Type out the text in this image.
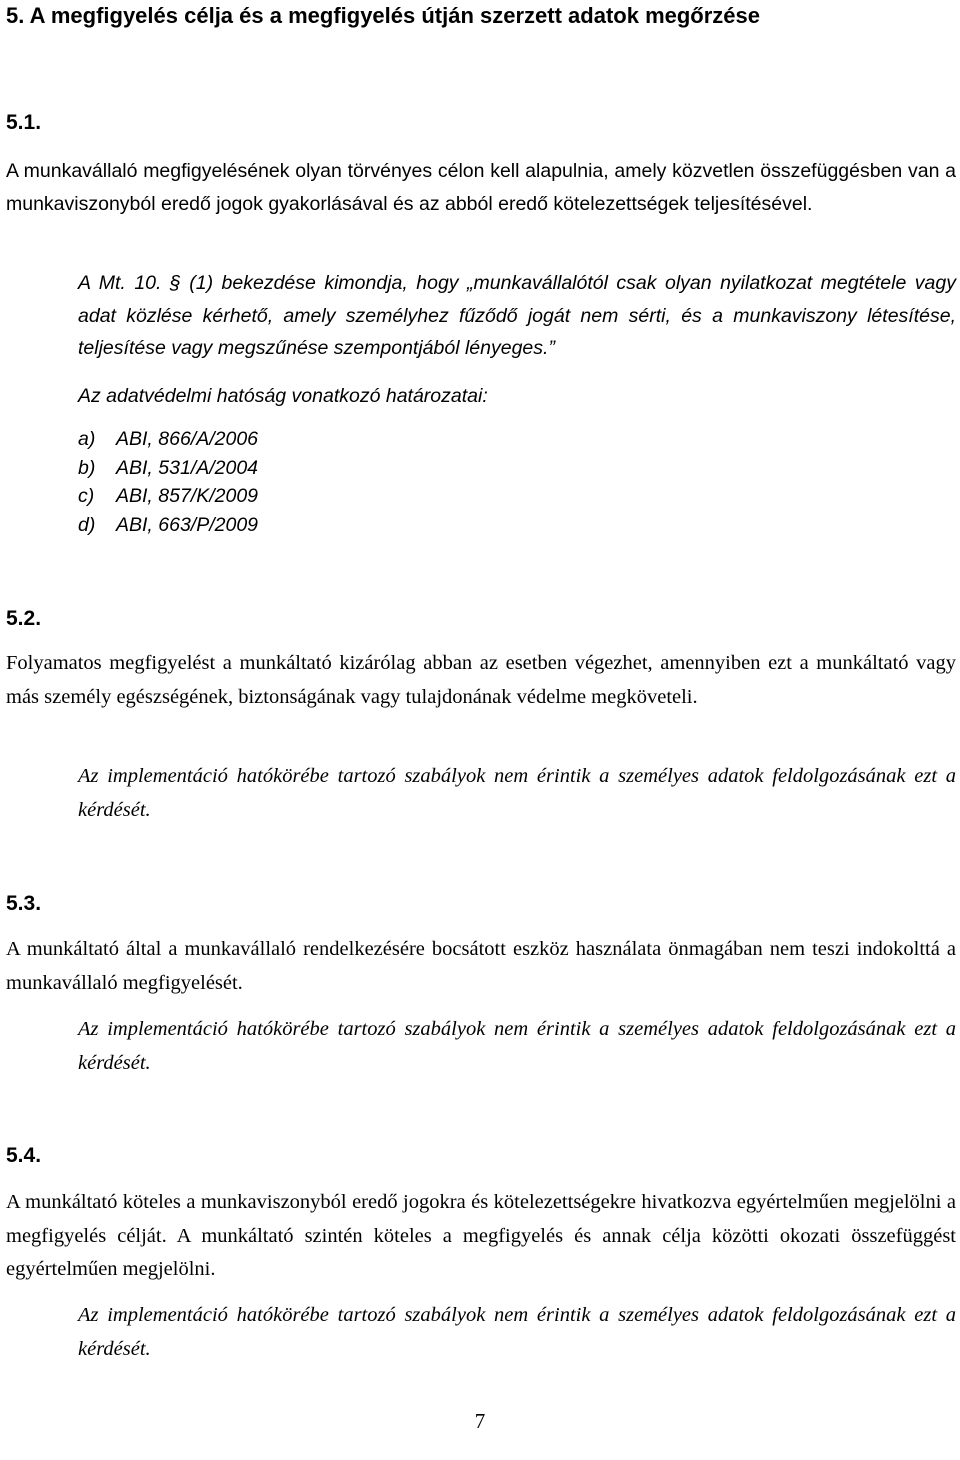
5. A megfigyelés célja és a megfigyelés útján szerzett adatok megőrzése
5.1.

A munkavállaló megfigyelésének olyan törvényes célon kell alapulnia, amely közvetlen összefüggésben van a munkaviszonyból eredő jogok gyakorlásával és az abból eredő kötelezettségek teljesítésével.

A Mt. 10. § (1) bekezdése kimondja, hogy „munkavállalótól csak olyan nyilatkozat megtétele vagy adat közlése kérhető, amely személyhez fűződő jogát nem sérti, és a munkaviszony létesítése, teljesítése vagy megszűnése szempontjából lényeges.”

Az adatvédelmi hatóság vonatkozó határozatai:

a) ABI, 866/A/2006
b) ABI, 531/A/2004
c) ABI, 857/K/2009
d) ABI, 663/P/2009
5.2.

Folyamatos megfigyelést a munkáltató kizárólag abban az esetben végezhet, amennyiben ezt a munkáltató vagy más személy egészségének, biztonságának vagy tulajdonának védelme megköveteli.

Az implementáció hatókörébe tartozó szabályok nem érintik a személyes adatok feldolgozásának ezt a kérdését.

5.3.

A munkáltató által a munkavállaló rendelkezésére bocsátott eszköz használata önmagában nem teszi indokolttá a munkavállaló megfigyelését.

Az implementáció hatókörébe tartozó szabályok nem érintik a személyes adatok feldolgozásának ezt a kérdését.

5.4.

A munkáltató köteles a munkaviszonyból eredő jogokra és kötelezettségekre hivatkozva egyértelműen megjelölni a megfigyelés célját. A munkáltató szintén köteles a megfigyelés és annak célja közötti okozati összefüggést egyértelműen megjelölni.

Az implementáció hatókörébe tartozó szabályok nem érintik a személyes adatok feldolgozásának ezt a kérdését.

7
